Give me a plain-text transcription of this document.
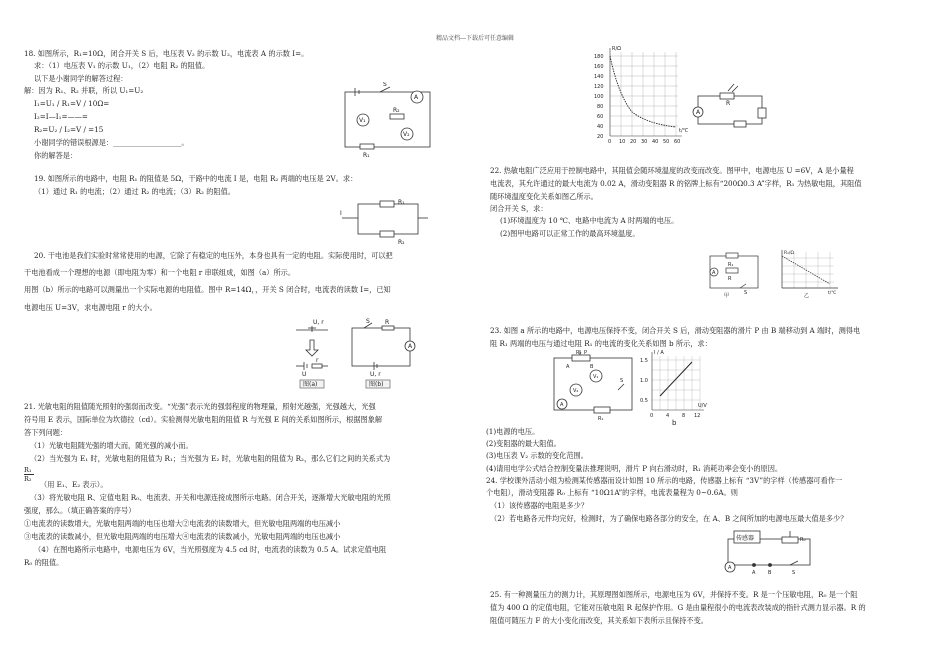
精品文档---下载后可任意编辑
18. 如图所示，R₁=10Ω，闭合开关 S 后，电压表 V₂ 的示数 U₂，电流表 A 的示数 I=。
求：（1）电压表 V₁ 的示数 U₁，（2）电阻 R₂ 的阻值。
以下是小谢同学的解答过程：
解：因为 R₁、R₂ 并联，所以 U₁=U₂
I₁=U₁ / R₁=V / 10Ω=
I₂=I—I₁=——=
R₂=U₂ / I₂=V / =15
小谢同学的错误根源是：___________________。
你的解答是：
S
A
V₁
V₂
R₂
R₁
19. 如图所示的电路中，电阻 R₁ 的阻值是 5Ω，干路中的电流 I 是，电阻 R₂ 两端的电压是 2V。求：
（1）通过 R₁ 的电流；（2）通过 R₂ 的电流；（3）R₂ 的阻值。
I
R₁
R₂
20. 干电池是我们实验时常常使用的电源，它除了有稳定的电压外，本身也具有一定的电阻。实际使用时，可以把
干电池看成一个理想的电源（即电阻为零）和一个电阻 r 串联组成，如图（a）所示。
用图（b）所示的电路可以测量出一个实际电源的电阻值。图中 R=14Ω，，开关 S 闭合时，电流表的读数 I=，已知
电源电压 U=3V，求电源电阻 r 的大小。
U, r
U
r
图(a)
S	R
A
U, r
图(b)
21. 光敏电阻的阻值随光照射的强弱而改变。“光强”表示光的强弱程度的物理量，照射光越强，光强越大，光强
符号用 E 表示，国际单位为坎德拉（cd）。实验测得光敏电阻的阻值 R 与光强 E 间的关系如图所示，根据图象解
答下列问题：
（1）光敏电阻随光强的增大而，随光强的减小而。
（2）当光强为 E₁ 时，光敏电阻的阻值为 R₁；当光强为 E₂ 时，光敏电阻的阻值为 R₂，那么它们之间的关系式为
R₁
R₂
（用 E₁、E₂ 表示）。
（3）将光敏电阻 R、定值电阻 R₀、电流表、开关和电源连接成图所示电路。闭合开关，逐渐增大光敏电阻的光照
强度，那么。（填正确答案的序号）
①电流表的读数增大，光敏电阻两端的电压也增大②电流表的读数增大，但光敏电阻两端的电压减小
③电流表的读数减小，但光敏电阻两端的电压增大④电流表的读数减小，光敏电阻两端的电压也减小
（4）在图电路所示电路中，电源电压为 6V，当光照强度为 4.5 cd 时，电流表的读数为 0.5 A。试求定值电阻
R₀ 的阻值。
R/Ω
180
160
140
120
100
80
60
40
20
0 10 20 30 40 50 60
t/℃
A
R
22. 热敏电阻广泛应用于控制电路中，其阻值会随环境温度的改变而改变。图甲中，电源电压 U =6V，A 是小量程
电流表，其允许通过的最大电流为 0.02 A，滑动变阻器 R 的铭牌上标有“200Ω0.3 A”字样，R₁ 为热敏电阻，其阻值
随环境温度变化关系如图乙所示。
闭合开关 S，求：
(1)环境温度为 10 ℃、电路中电流为 A 时两端的电压。
(2)图甲电路可以正常工作的最高环境温度。
A
R₁
R
S
甲
R₁/Ω
t/℃
乙
23. 如图 a 所示的电路中，电源电压保持不变，闭合开关 S 后，滑动变阻器的滑片 P 由 B 端移动到 A 端时，测得电
阻 R₁ 两端的电压与通过电阻 R₁ 的电流的变化关系如图 b 所示，求：
R₂ P
A	B
V₁
V₂
A
S
R₁
I / A
1.5
1.0
0.5
0	4	8 12
U/V
b
(1)电源的电压。
(2)变阻器的最大阻值。
(3)电压表 V₂ 示数的变化范围。
(4)请用电学公式结合控制变量法推理说明，滑片 P 向右滑动时，R₁ 消耗功率会变小的原因。
24. 学校课外活动小组为检测某传感器而设计如图 10 所示的电路，传感器上标有 “3V”的字样（传感器可看作一
个电阻），滑动变阻器 R₀ 上标有 “10Ω1A”的字样，电流表量程为 0~0.6A。则
（1）该传感器的电阻是多少？
（2）若电路各元件均完好，检测时，为了确保电路各部分的安全，在 A、B 之间所加的电源电压最大值是多少？
传感器	R₀
A
A	B	S
25. 有一种测量压力的测力计，其原理图如图所示，电源电压为 6V，并保持不变。R 是一个压敏电阻，R₀ 是一个阻
值为 400 Ω 的定值电阻，它能对压敏电阻 R 起保护作用。G 是由量程很小的电流表改装成的指针式测力显示器。R 的
阻值可随压力 F 的大小变化而改变，其关系如下表所示且保持不变。
